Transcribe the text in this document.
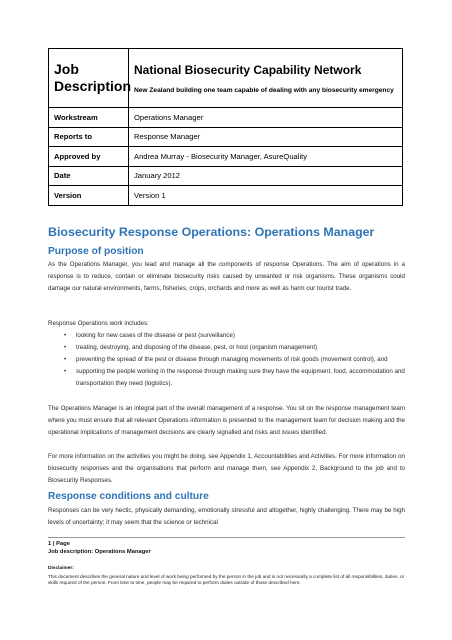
Job Description	National Biosecurity Capability Network
New Zealand building one team capable of dealing with any biosecurity emergency

Workstream	Operations Manager
Reports to	Response Manager
Approved by	Andrea Murray - Biosecurity Manager, AsureQuality
Date	January 2012
Version	Version 1
Biosecurity Response Operations: Operations Manager
Purpose of position
As the Operations Manager, you lead and manage all the components of response Operations. The aim of operations in a response is to reduce, contain or eliminate biosecurity risks caused by unwanted or risk organisms. These organisms could damage our natural environments, farms, fisheries, crops, orchards and more as well as harm our tourist trade.
Response Operations work includes:
• looking for new cases of the disease or pest (surveillance)
• treating, destroying, and disposing of the disease, pest, or host (organism management)
• preventing the spread of the pest or disease through managing movements of risk goods (movement control), and
• supporting the people working in the response through making sure they have the equipment, food, accommodation and transportation they need (logistics).
The Operations Manager is an integral part of the overall management of a response. You sit on the response management team where you must ensure that all relevant Operations information is presented to the management team for decision making and the operational implications of management decisions are clearly signalled and risks and issues identified.
For more information on the activities you might be doing, see Appendix 1, Accountabilities and Activities. For more information on biosecurity responses and the organisations that perform and manage them, see Appendix 2, Background to the job and to Biosecurity Responses.
Response conditions and culture
Responses can be very hectic, physically demanding, emotionally stressful and altogether, highly challenging. There may be high levels of uncertainty; it may seem that the science or technical
1 | Page
Job description: Operations Manager
Disclaimer:
This document describes the general nature and level of work being performed by the person in the job and is not necessarily a complete list of all responsibilities, duties, or skills required of the person. From time to time, people may be required to perform duties outside of those described here.
